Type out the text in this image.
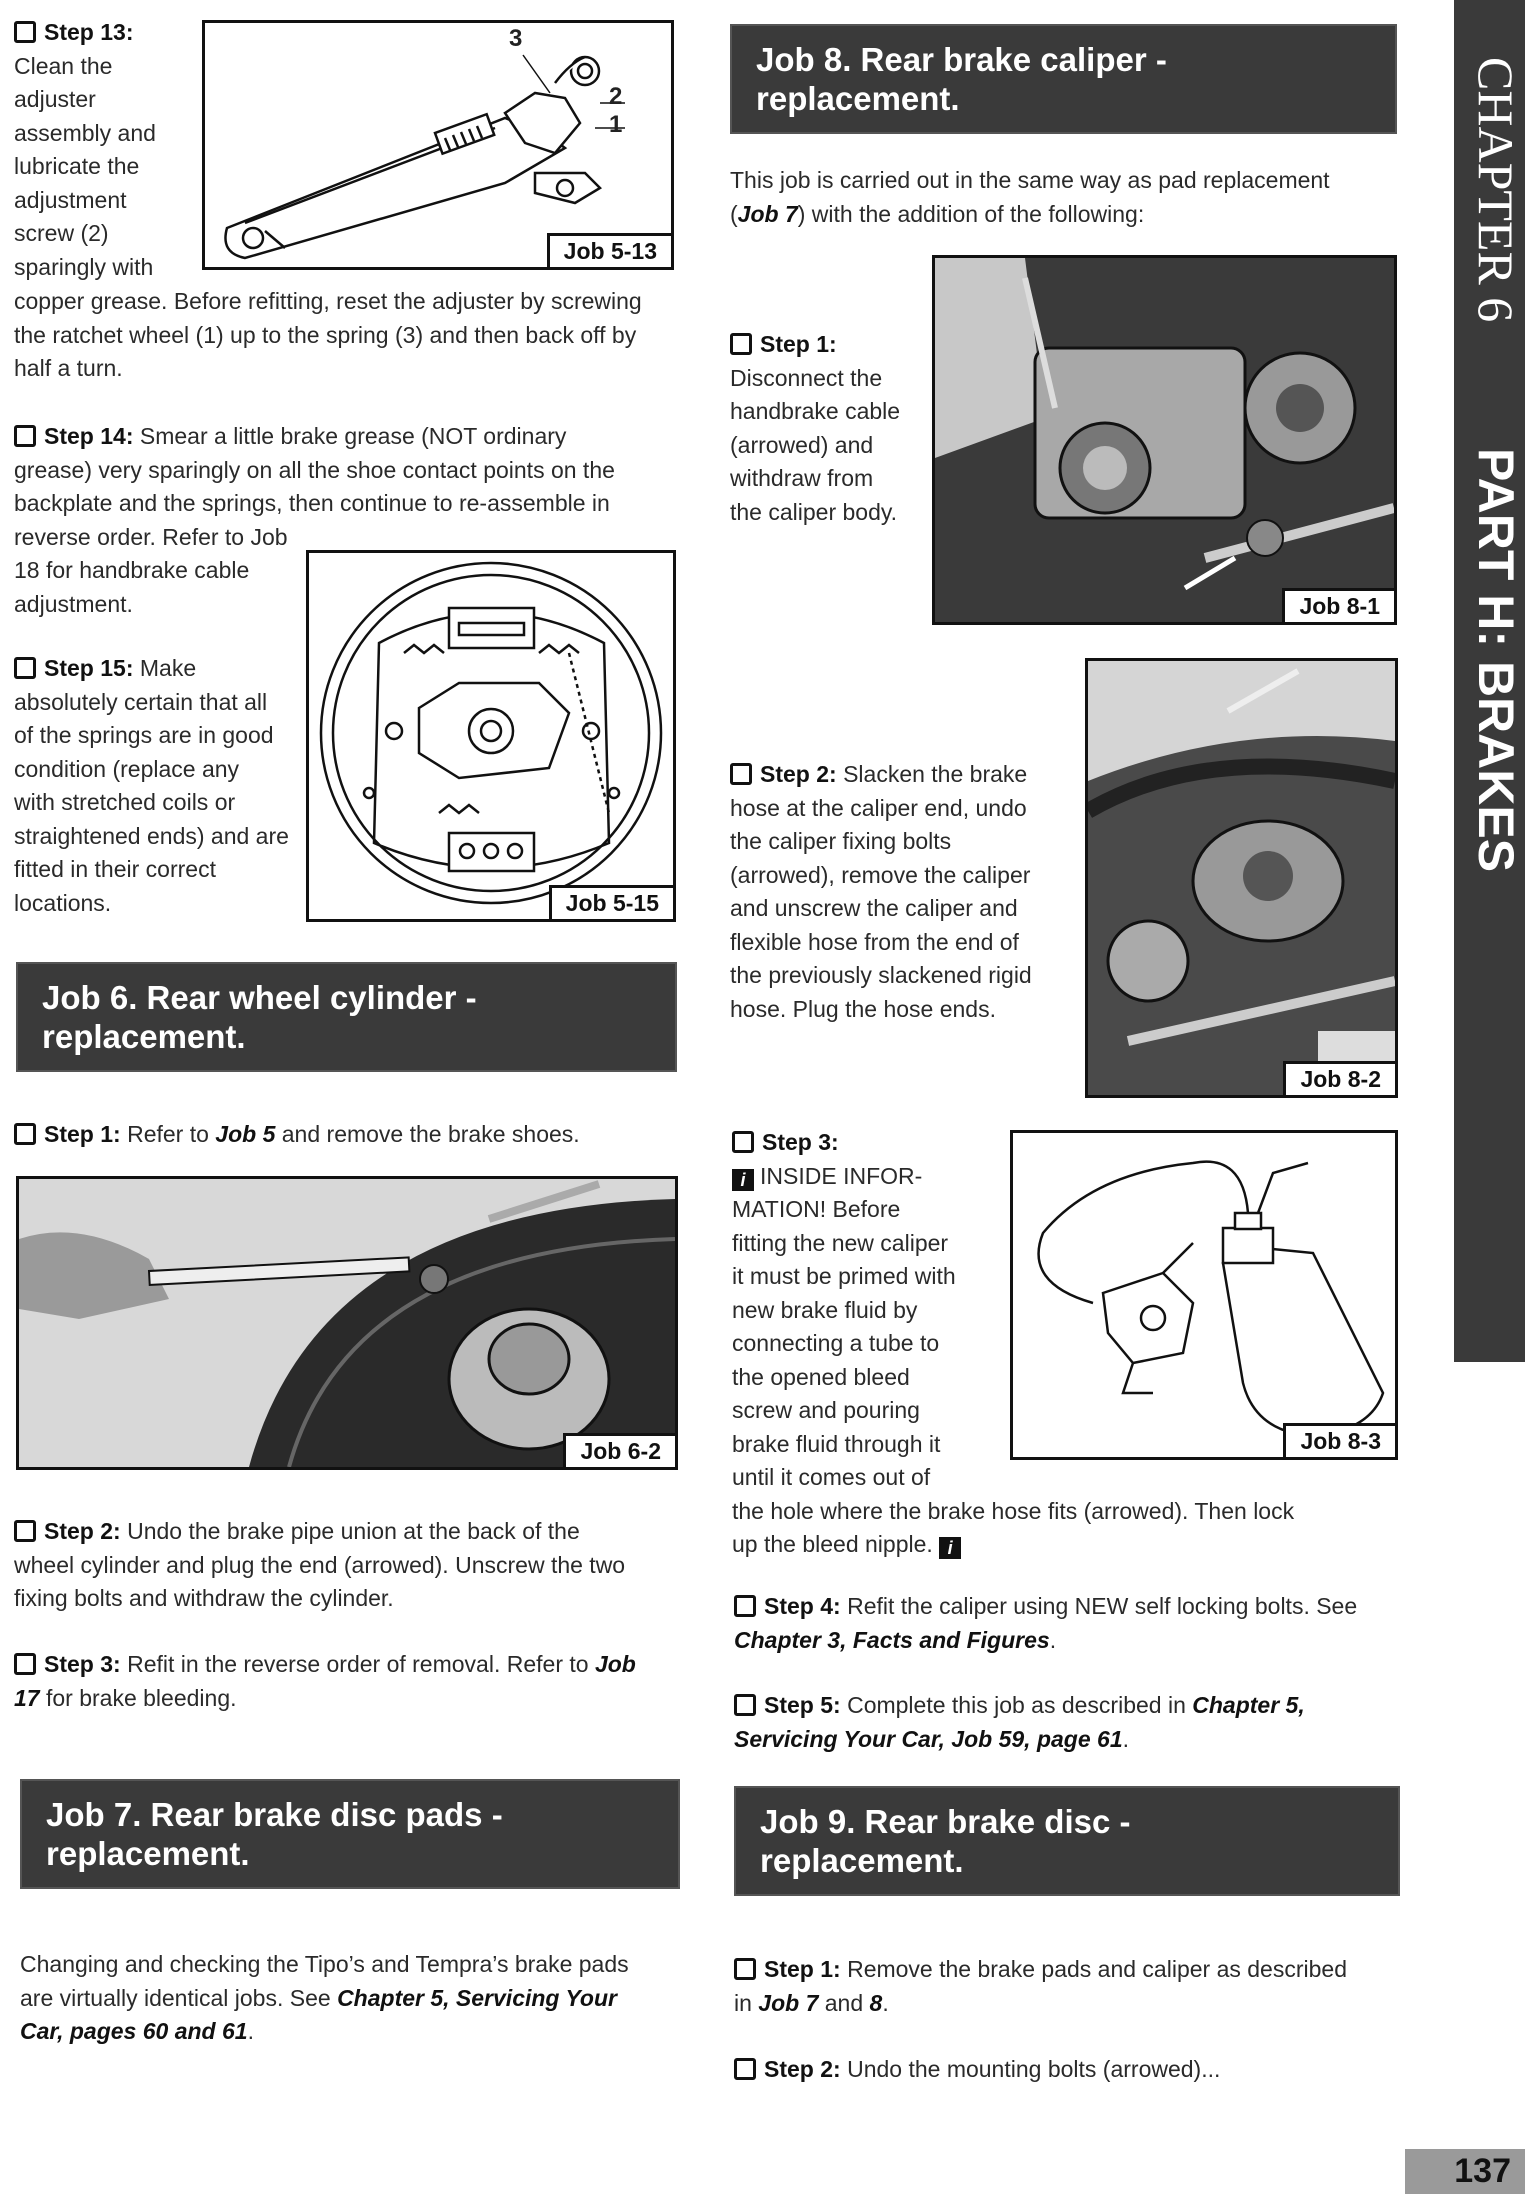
CHAPTER 6
PART H: BRAKES
Step 13:
Clean the
adjuster
assembly and
lubricate the
adjustment
screw (2)
sparingly with
copper grease. Before refitting, reset the adjuster by screwing
the ratchet wheel (1) up to the spring (3) and then back off by
half a turn.
3
2
1
Job 5-13
Step 14: Smear a little brake grease (NOT ordinary
grease) very sparingly on all the shoe contact points on the
backplate and the springs, then continue to re-assemble in
reverse order. Refer to Job
18 for handbrake cable
adjustment.
Step 15: Make
absolutely certain that all
of the springs are in good
condition (replace any
with stretched coils or
straightened ends) and are
fitted in their correct
locations.	Job 5-15
Job 6. Rear wheel cylinder -
replacement.
Step 1: Refer to Job 5 and remove the brake shoes.
Job 6-2
Step 2: Undo the brake pipe union at the back of the
wheel cylinder and plug the end (arrowed). Unscrew the two
fixing bolts and withdraw the cylinder.
Step 3: Refit in the reverse order of removal. Refer to Job
17 for brake bleeding.
Job 7. Rear brake disc pads -
replacement.
Changing and checking the Tipo’s and Tempra’s brake pads
are virtually identical jobs. See Chapter 5, Servicing Your
Car, pages 60 and 61.
Job 8. Rear brake caliper -
replacement.
This job is carried out in the same way as pad replacement
(Job 7) with the addition of the following:
Step 1:
Disconnect the
handbrake cable
(arrowed) and
withdraw from
the caliper body.
Job 8-1
Job 8-2
Step 2: Slacken the brake
hose at the caliper end, undo
the caliper fixing bolts
(arrowed), remove the caliper
and unscrew the caliper and
flexible hose from the end of
the previously slackened rigid
hose. Plug the hose ends.
Job 8-3
Step 3:
i INSIDE INFOR-
MATION! Before
fitting the new caliper
it must be primed with
new brake fluid by
connecting a tube to
the opened bleed
screw and pouring
brake fluid through it
until it comes out of
the hole where the brake hose fits (arrowed). Then lock
up the bleed nipple. i
Step 4: Refit the caliper using NEW self locking bolts. See
Chapter 3, Facts and Figures.
Step 5: Complete this job as described in Chapter 5,
Servicing Your Car, Job 59, page 61.
Job 9. Rear brake disc -
replacement.
Step 1: Remove the brake pads and caliper as described
in Job 7 and 8.
Step 2: Undo the mounting bolts (arrowed)...
137
